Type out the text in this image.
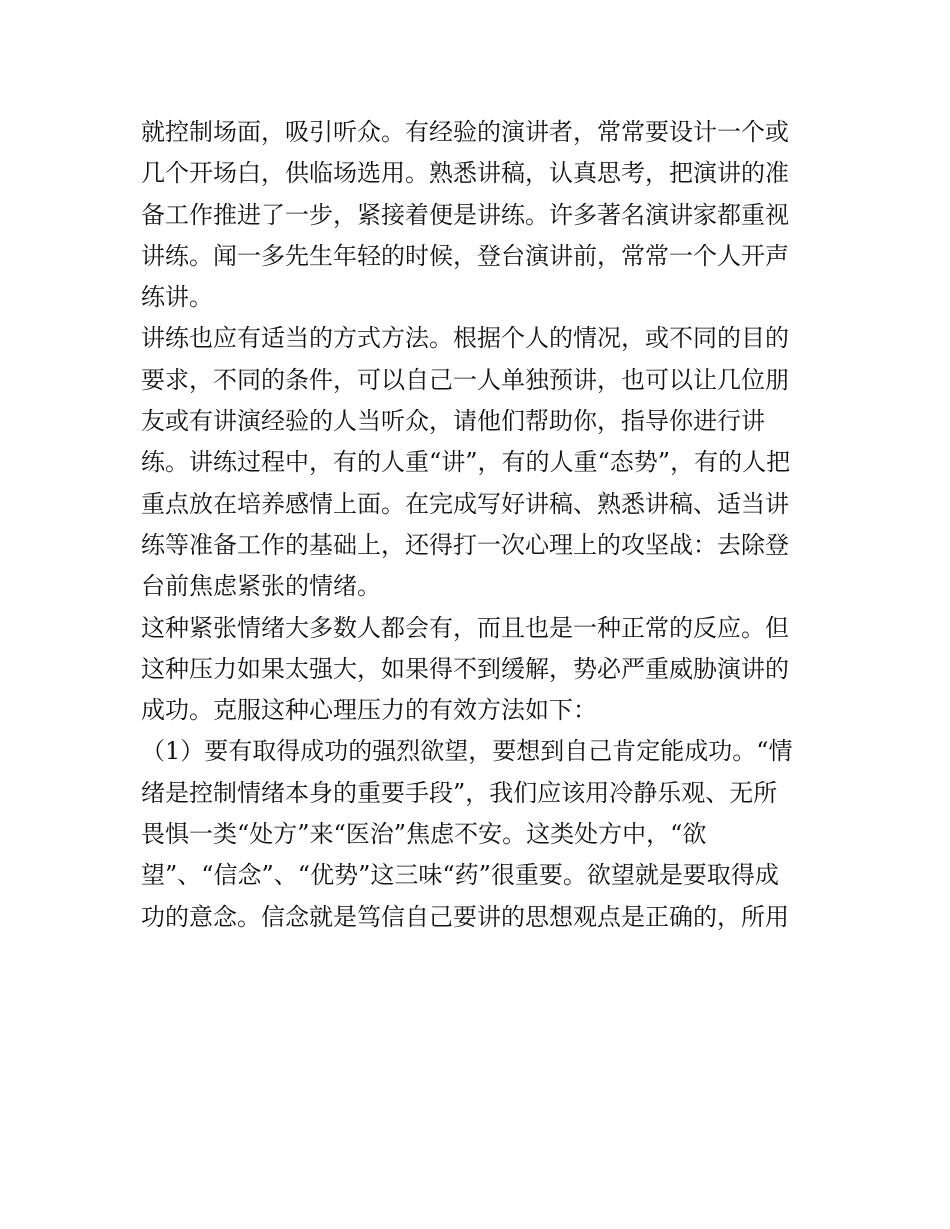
就控制场面，吸引听众。有经验的演讲者，常常要设计一个或
几个开场白，供临场选用。熟悉讲稿，认真思考，把演讲的准
备工作推进了一步，紧接着便是讲练。许多著名演讲家都重视
讲练。闻一多先生年轻的时候，登台演讲前，常常一个人开声
练讲。
讲练也应有适当的方式方法。根据个人的情况，或不同的目的
要求，不同的条件，可以自己一人单独预讲，也可以让几位朋
友或有讲演经验的人当听众，请他们帮助你，指导你进行讲
练。讲练过程中，有的人重“讲”，有的人重“态势”，有的人把
重点放在培养感情上面。在完成写好讲稿、熟悉讲稿、适当讲
练等准备工作的基础上，还得打一次心理上的攻坚战：去除登
台前焦虑紧张的情绪。
这种紧张情绪大多数人都会有，而且也是一种正常的反应。但
这种压力如果太强大，如果得不到缓解，势必严重威胁演讲的
成功。克服这种心理压力的有效方法如下：
（1）要有取得成功的强烈欲望，要想到自己肯定能成功。“情
绪是控制情绪本身的重要手段”，我们应该用冷静乐观、无所
畏惧一类“处方”来“医治”焦虑不安。这类处方中，“欲
望”、“信念”、“优势”这三味“药”很重要。欲望就是要取得成
功的意念。信念就是笃信自己要讲的思想观点是正确的，所用
